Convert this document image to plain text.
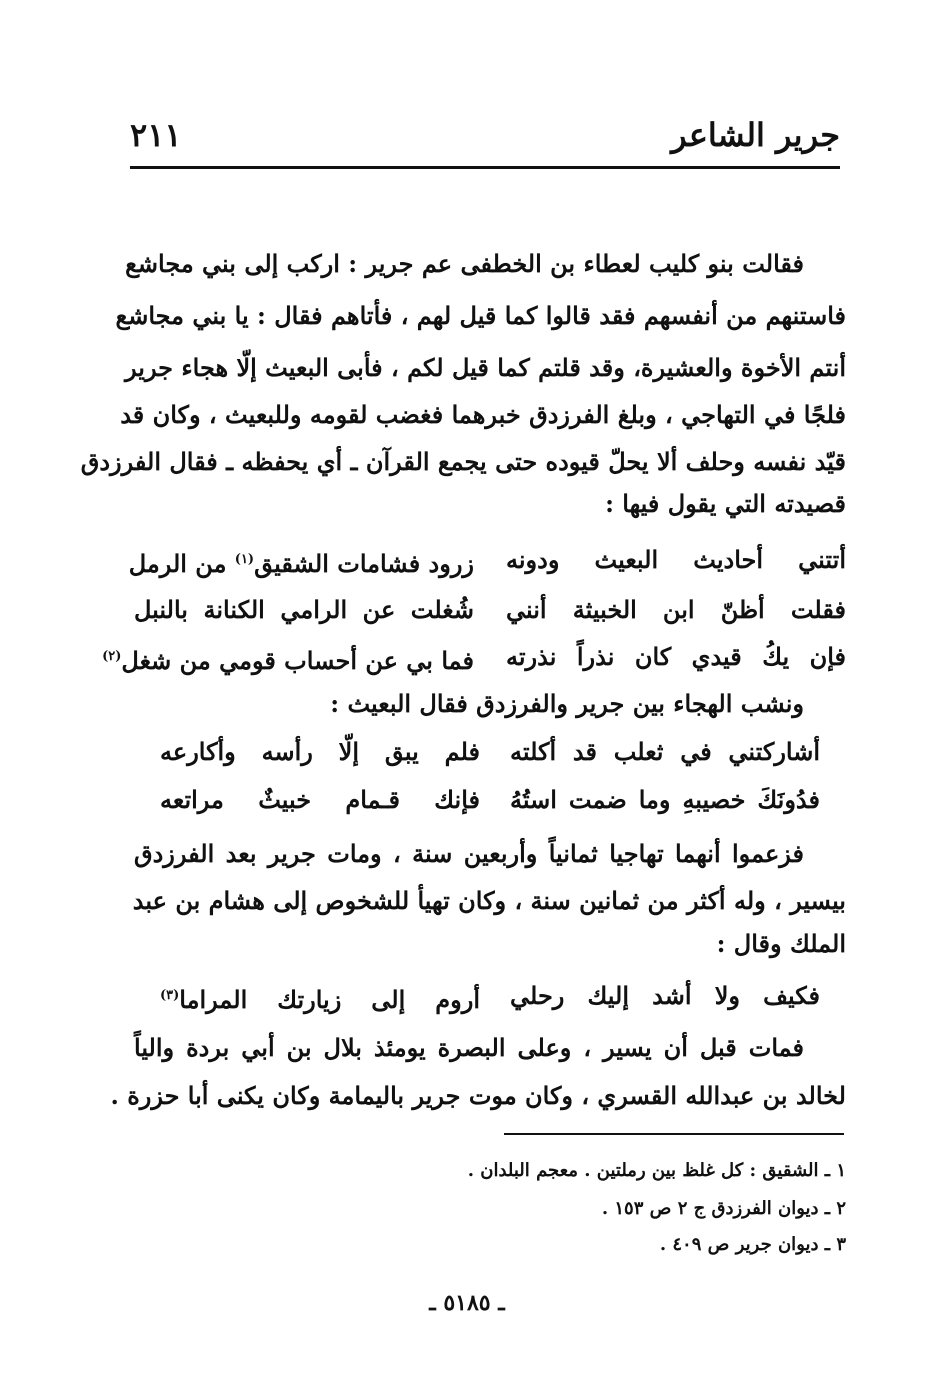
جرير الشاعر
٢١١
فقالت بنو كليب لعطاء بن الخطفى عم جرير : اركب إلى بني مجاشع
فاستنهم من أنفسهم فقد قالوا كما قيل لهم ، فأتاهم فقال : يا بني مجاشع
أنتم الأخوة والعشيرة، وقد قلتم كما قيل لكم ، فأبى البعيث إلّا هجاء جرير
فلجًا في التهاجي ، وبلغ الفرزدق خبرهما فغضب لقومه وللبعيث ، وكان قد
قيّد نفسه وحلف ألا يحلّ قيوده حتى يجمع القرآن ـ أي يحفظه ـ فقال الفرزدق
قصيدته التي يقول فيها :
أتتني أحاديث البعيث ودونه
زرود فشامات الشقيق$^{(١)}$ من الرمل
فقلت أظنّ ابن الخبيثة أنني
شُغلت عن الرامي الكنانة بالنبل
فإن يكُ قيدي كان نذراً نذرته
فما بي عن أحساب قومي من شغل$^{(٢)}$
ونشب الهجاء بين جرير والفرزدق فقال البعيث :
أشاركتني في ثعلب قد أكلته
فلم يبق إلّا رأسه وأكارعه
فدُونَكَ خصيبهِ وما ضمت استُهُ
فإنك قـمام خبيثٌ مراتعه
فزعموا أنهما تهاجيا ثمانياً وأربعين سنة ، ومات جرير بعد الفرزدق
بيسير ، وله أكثر من ثمانين سنة ، وكان تهيأ للشخوص إلى هشام بن عبد
الملك وقال :
فكيف ولا أشد إليك رحلي
أروم إلى زيارتك المراما$^{(٣)}$
فمات قبل أن يسير ، وعلى البصرة يومئذ بلال بن أبي بردة والياً
لخالد بن عبدالله القسري ، وكان موت جرير باليمامة وكان يكنى أبا حزرة .
١ ـ الشقيق : كل غلظ بين رملتين . معجم البلدان .
٢ ـ ديوان الفرزدق ج ٢ ص ١٥٣ .
٣ ـ ديوان جرير ص ٤٠٩ .
ـ ٥١٨٥ ـ
